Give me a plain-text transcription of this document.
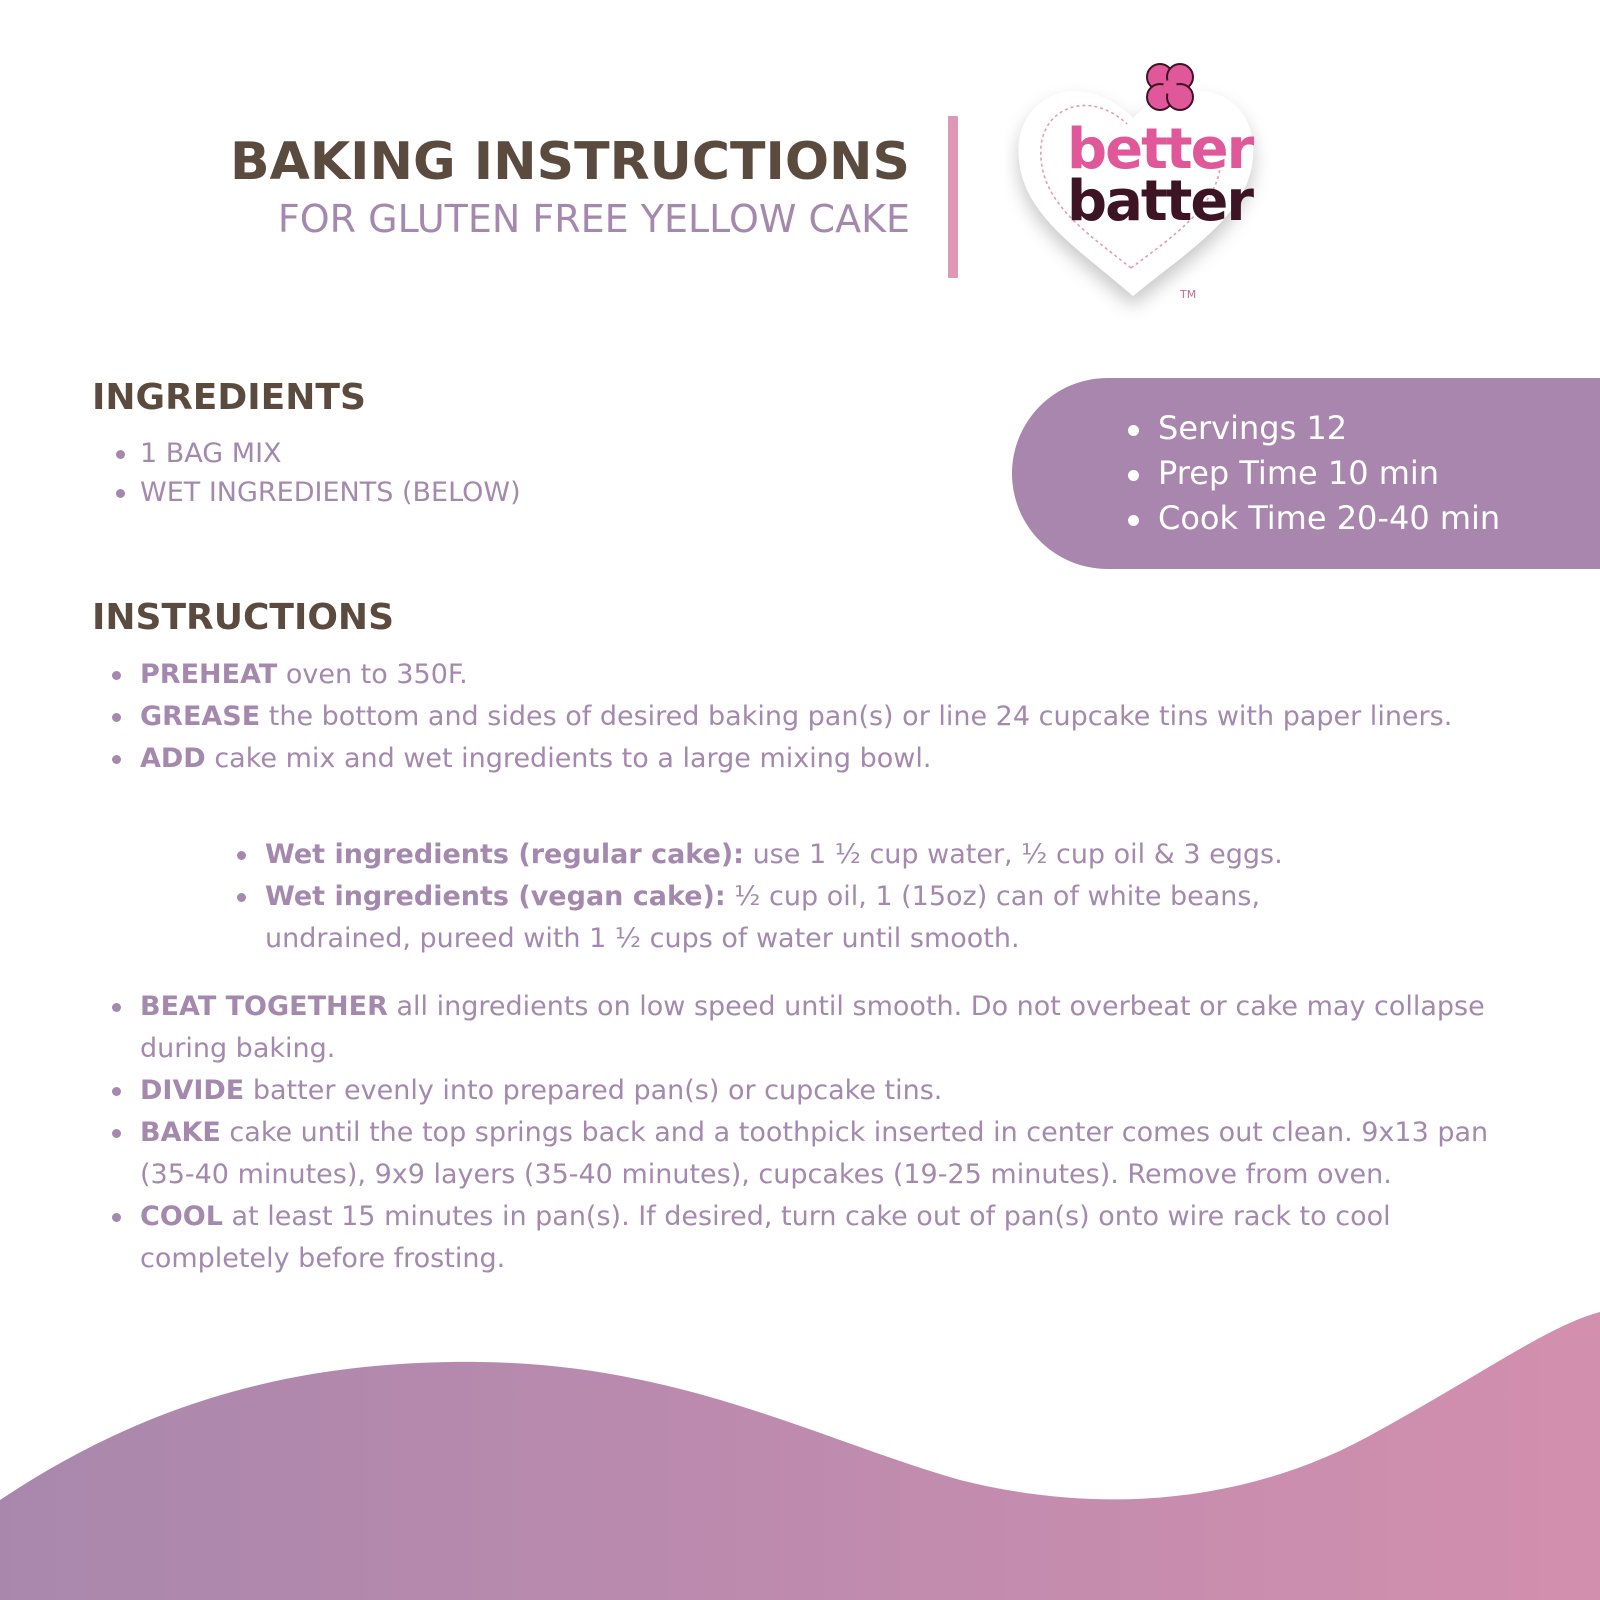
BAKING INSTRUCTIONS
FOR GLUTEN FREE YELLOW CAKE
better
batter
TM
INGREDIENTS
1 BAG MIX
WET INGREDIENTS (BELOW)
Servings 12
Prep Time 10 min
Cook Time 20-40 min
INSTRUCTIONS
PREHEAT oven to 350F.
GREASE the bottom and sides of desired baking pan(s) or line 24 cupcake tins with paper liners.
ADD cake mix and wet ingredients to a large mixing bowl.
Wet ingredients (regular cake): use 1 ½ cup water, ½ cup oil & 3 eggs.
Wet ingredients (vegan cake): ½ cup oil, 1 (15oz) can of white beans, undrained, pureed with 1 ½ cups of water until smooth.
BEAT TOGETHER all ingredients on low speed until smooth. Do not overbeat or cake may collapse during baking.
DIVIDE batter evenly into prepared pan(s) or cupcake tins.
BAKE cake until the top springs back and a toothpick inserted in center comes out clean. 9x13 pan (35-40 minutes), 9x9 layers (35-40 minutes), cupcakes (19-25 minutes). Remove from oven.
COOL at least 15 minutes in pan(s). If desired, turn cake out of pan(s) onto wire rack to cool completely before frosting.
